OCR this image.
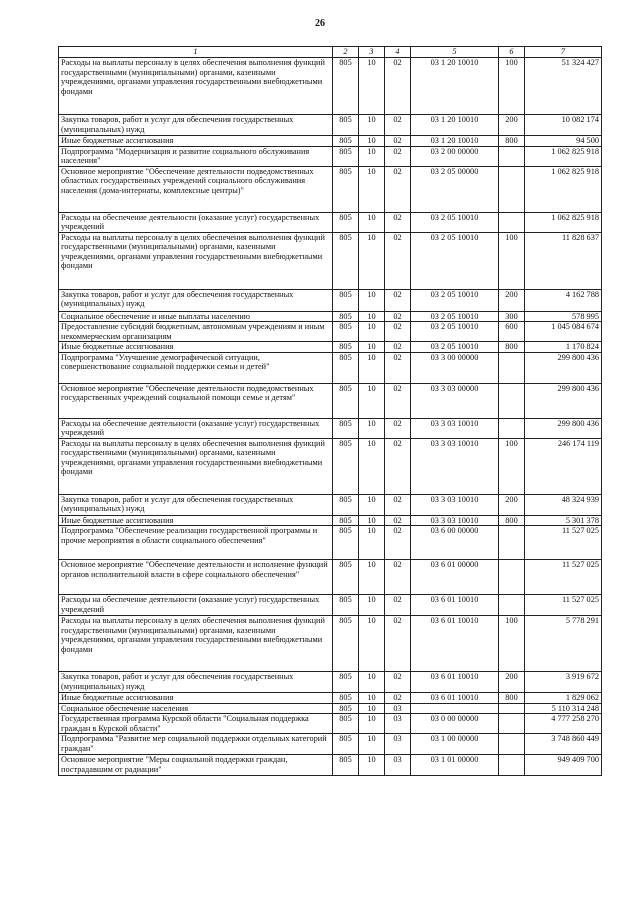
26
1	2	3	4	5	6	7
Расходы на выплаты персоналу в целях обеспечения выполнения функций государственными (муниципальными) органами, казенными учреждениями, органами управления государственными внебюджетными фондами	805	10	02	03 1 20 10010	100	51 324 427
Закупка товаров, работ и услуг для обеспечения государственных (муниципальных) нужд	805	10	02	03 1 20 10010	200	10 082 174
Иные бюджетные ассигнования	805	10	02	03 1 20 10010	800	94 500
Подпрограмма "Модернизация и развитие социального обслуживания населения"	805	10	02	03 2 00 00000		1 062 825 918
Основное мероприятие "Обеспечение деятельности подведомственных областных государственных учреждений социального обслуживания населения (дома-интернаты, комплексные центры)"	805	10	02	03 2 05 00000		1 062 825 918
Расходы на обеспечение деятельности (оказание услуг) государственных учреждений	805	10	02	03 2 05 10010		1 062 825 918
Расходы на выплаты персоналу в целях обеспечения выполнения функций государственными (муниципальными) органами, казенными учреждениями, органами управления государственными внебюджетными фондами	805	10	02	03 2 05 10010	100	11 828 637
Закупка товаров, работ и услуг для обеспечения государственных (муниципальных) нужд	805	10	02	03 2 05 10010	200	4 162 788
Социальное обеспечение и иные выплаты населению	805	10	02	03 2 05 10010	300	578 995
Предоставление субсидий бюджетным, автономным учреждениям и иным некоммерческим организациям	805	10	02	03 2 05 10010	600	1 045 084 674
Иные бюджетные ассигнования	805	10	02	03 2 05 10010	800	1 170 824
Подпрограмма "Улучшение демографической ситуации, совершенствование социальной поддержки семьи и детей"	805	10	02	03 3 00 00000		299 800 436
Основное мероприятие "Обеспечение деятельности подведомственных государственных учреждений социальной помощи семье и детям"	805	10	02	03 3 03 00000		299 800 436
Расходы на обеспечение деятельности (оказание услуг) государственных учреждений	805	10	02	03 3 03 10010		299 800 436
Расходы на выплаты персоналу в целях обеспечения выполнения функций государственными (муниципальными) органами, казенными учреждениями, органами управления государственными внебюджетными фондами	805	10	02	03 3 03 10010	100	246 174 119
Закупка товаров, работ и услуг для обеспечения государственных (муниципальных) нужд	805	10	02	03 3 03 10010	200	48 324 939
Иные бюджетные ассигнования	805	10	02	03 3 03 10010	800	5 301 378
Подпрограмма "Обеспечение реализации государственной программы и прочие мероприятия в области социального обеспечения"	805	10	02	03 6 00 00000		11 527 025
Основное мероприятие "Обеспечение деятельности и исполнение функций органов исполнительной власти в сфере социального обеспечения"	805	10	02	03 6 01 00000		11 527 025
Расходы на обеспечение деятельности (оказание услуг) государственных учреждений	805	10	02	03 6 01 10010		11 527 025
Расходы на выплаты персоналу в целях обеспечения выполнения функций государственными (муниципальными) органами, казенными учреждениями, органами управления государственными внебюджетными фондами	805	10	02	03 6 01 10010	100	5 778 291
Закупка товаров, работ и услуг для обеспечения государственных (муниципальных) нужд	805	10	02	03 6 01 10010	200	3 919 672
Иные бюджетные ассигнования	805	10	02	03 6 01 10010	800	1 829 062
Социальное обеспечение населения	805	10	03			5 110 314 248
Государственная программа Курской области "Социальная поддержка граждан в Курской области"	805	10	03	03 0 00 00000		4 777 258 270
Подпрограмма "Развитие мер социальной поддержки отдельных категорий граждан"	805	10	03	03 1 00 00000		3 748 860 449
Основное мероприятие "Меры социальной поддержки граждан, пострадавшим от радиации"	805	10	03	03 1 01 00000		949 409 700
